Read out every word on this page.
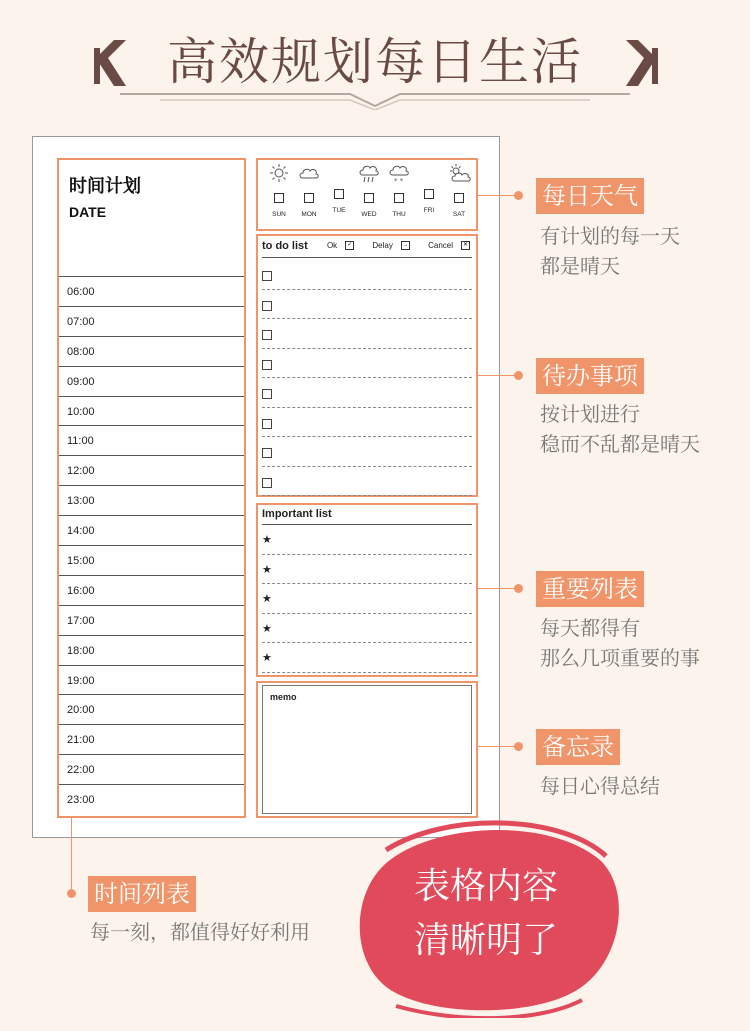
高效规划每日生活
时间计划
DATE
06:00
07:00
08:00
09:00
10:00
11:00
12:00
13:00
14:00
15:00
16:00
17:00
18:00
19:00
20:00
21:00
22:00
23:00
SUN	MON
TUE
WED
* *
THU
FRI
SAT
to do list	Ok ✓	Delay → Cancel ✕
Important list
★
★
★
★
★
memo
每日天气
有计划的每一天
都是晴天
待办事项
按计划进行
稳而不乱都是晴天
重要列表
每天都得有
那么几项重要的事
备忘录
每日心得总结
时间列表
每一刻，都值得好好利用
表格内容
清晰明了
